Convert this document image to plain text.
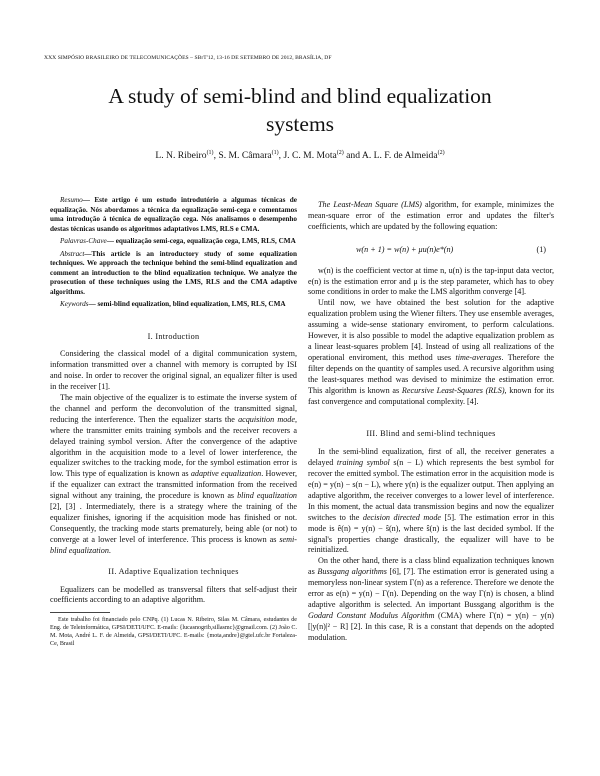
XXX SIMPÓSIO BRASILEIRO DE TELECOMUNICAÇÕES – SBrT'12, 13-16 DE SETEMBRO DE 2012, BRASÍLIA, DF
A study of semi-blind and blind equalization
systems
L. N. Ribeiro$^{(1)}$, S. M. Câmara$^{(1)}$, J. C. M. Mota$^{(2)}$ and A. L. F. de Almeida$^{(2)}$
Resumo— Este artigo é um estudo introdutório a algumas técnicas de equalização. Nós abordamos a técnica da equalização semi-cega e comentamos uma introdução à técnica de equalização cega. Nós analisamos o desempenho destas técnicas usando os algoritmos adaptativos LMS, RLS e CMA.
Palavras-Chave— equalização semi-cega, equalização cega, LMS, RLS, CMA
Abstract—This article is an introductory study of some equalization techniques. We approach the technique behind the semi-blind equalization and comment an introduction to the blind equalization technique. We analyze the prosecution of these techniques using the LMS, RLS and the CMA adaptive algorithms.
Keywords— semi-blind equalization, blind equalization, LMS, RLS, CMA
I. Introduction

Considering the classical model of a digital communication system, information transmitted over a channel with memory is corrupted by ISI and noise. In order to recover the original signal, an equalizer filter is used in the receiver [1].

The main objective of the equalizer is to estimate the inverse system of the channel and perform the deconvolution of the transmitted signal, reducing the interference. Then the equalizer starts the acquisition mode, where the transmitter emits training symbols and the receiver recovers a delayed training symbol version. After the convergence of the adaptive algorithm in the acquisition mode to a level of lower interference, the equalizer switches to the tracking mode, for the symbol estimation error is low. This type of equalization is known as adaptive equalization. However, if the equalizer can extract the transmitted information from the received signal without any training, the procedure is known as blind equalization [2], [3] . Intermediately, there is a strategy where the training of the equalizer finishes, ignoring if the acquisition mode has finished or not. Consequently, the tracking mode starts prematurely, being able (or not) to converge at a lower level of interference. This process is known as semi-blind equalization.

II. Adaptive Equalization techniques

Equalizers can be modelled as transversal filters that self-adjust their coefficients according to an adaptive algorithm.

Este trabalho foi financiado pelo CNPq. (1) Lucas N. Ribeiro, Silas M. Câmara, estudantes de Eng. de Teleinformática, GPSI/DETI/UFC. E-mails: {lucasnogrib,sillasmc}@gmail.com. (2) João C. M. Mota, André L. F. de Almeida, GPSI/DETI/UFC. E-mails: {mota,andre}@gtel.ufc.br Fortaleza-Ce, Brasil

The Least-Mean Square (LMS) algorithm, for example, minimizes the mean-square error of the estimation error and updates the filter's coefficients, which are updated by the following equation:

w(n + 1) = w(n) + μu(n)e*(n)	(1)

w(n) is the coefficient vector at time n, u(n) is the tap-input data vector, e(n) is the estimation error and μ is the step parameter, which has to obey some conditions in order to make the LMS algorithm converge [4].

Until now, we have obtained the best solution for the adaptive equalization problem using the Wiener filters. They use ensemble averages, assuming a wide-sense stationary enviroment, to perform calculations. However, it is also possible to model the adaptive equalization problem as a linear least-squares problem [4]. Instead of using all realizations of the operational enviroment, this method uses time-averages. Therefore the filter depends on the quantity of samples used. A recursive algorithm using the least-squares method was devised to minimize the estimation error. This algorithm is known as Recursive Least-Squares (RLS), known for its fast convergence and computational complexity. [4].

III. Blind and semi-blind techniques

In the semi-blind equalization, first of all, the receiver generates a delayed training symbol s(n − L) which represents the best symbol for recover the emitted symbol. The estimation error in the acquisition mode is e(n) = y(n) − s(n − L), where y(n) is the equalizer output. Then applying an adaptive algorithm, the receiver converges to a lower level of interference. In this moment, the actual data transmission begins and now the equalizer switches to the decision directed mode [5]. The estimation error in this mode is ê(n) = y(n) − ŝ(n), where ŝ(n) is the last decided symbol. If the signal's properties change drastically, the equalizer will have to be reinitialized.

On the other hand, there is a class blind equalization techniques known as Bussgang algorithms [6], [7]. The estimation error is generated using a memoryless non-linear system Γ(n) as a reference. Therefore we denote the error as e(n) = y(n) − Γ(n). Depending on the way Γ(n) is chosen, a blind adaptive algorithm is selected. An important Bussgang algorithm is the Godard Constant Modulus Algorithm (CMA) where Γ(n) = y(n) − y(n) [|y(n)|² − R] [2]. In this case, R is a constant that depends on the adopted modulation.
